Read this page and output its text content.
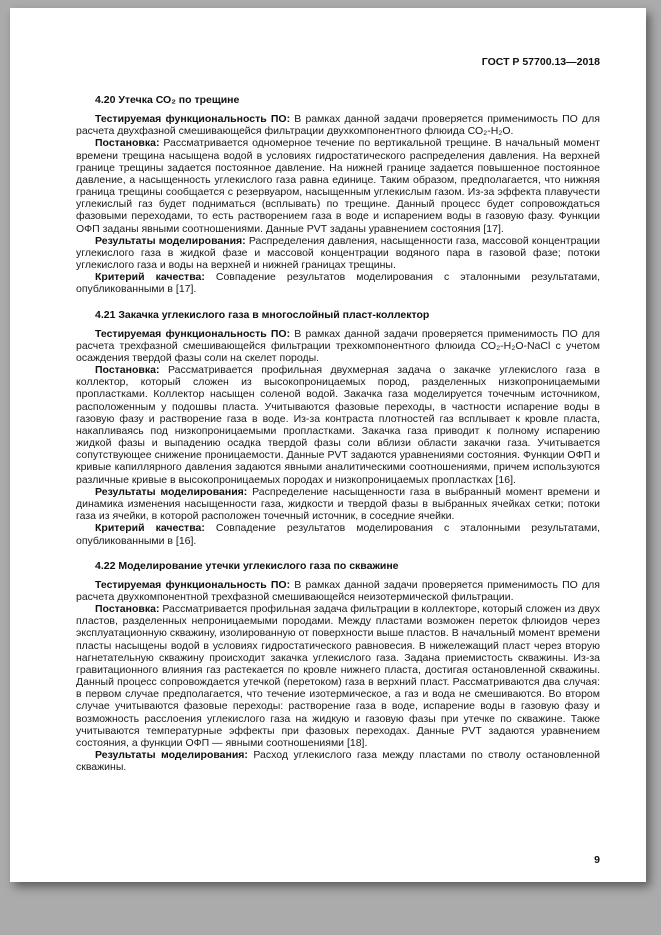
ГОСТ Р 57700.13—2018
4.20 Утечка СО₂ по трещине

Тестируемая функциональность ПО: В рамках данной задачи проверяется применимость ПО для расчета двухфазной смешивающейся фильтрации двухкомпонентного флюида СО₂-Н₂О.

Постановка: Рассматривается одномерное течение по вертикальной трещине. В начальный момент времени трещина насыщена водой в условиях гидростатического распределения давления. На верхней границе трещины задается постоянное давление. На нижней границе задается повышенное постоянное давление, а насыщенность углекислого газа равна единице. Таким образом, предполагается, что нижняя граница трещины сообщается с резервуаром, насыщенным углекислым газом. Из-за эффекта плавучести углекислый газ будет подниматься (всплывать) по трещине. Данный процесс будет сопровождаться фазовыми переходами, то есть растворением газа в воде и испарением воды в газовую фазу. Функции ОФП заданы явными соотношениями. Данные PVT заданы уравнением состояния [17].

Результаты моделирования: Распределения давления, насыщенности газа, массовой концентрации углекислого газа в жидкой фазе и массовой концентрации водяного пара в газовой фазе; потоки углекислого газа и воды на верхней и нижней границах трещины.

Критерий качества: Совпадение результатов моделирования с эталонными результатами, опубликованными в [17].

4.21 Закачка углекислого газа в многослойный пласт-коллектор

Тестируемая функциональность ПО: В рамках данной задачи проверяется применимость ПО для расчета трехфазной смешивающейся фильтрации трехкомпонентного флюида СО₂-Н₂О-NaCl с учетом осаждения твердой фазы соли на скелет породы.

Постановка: Рассматривается профильная двухмерная задача о закачке углекислого газа в коллектор, который сложен из высокопроницаемых пород, разделенных низкопроницаемыми пропластками. Коллектор насыщен соленой водой. Закачка газа моделируется точечным источником, расположенным у подошвы пласта. Учитываются фазовые переходы, в частности испарение воды в газовую фазу и растворение газа в воде. Из-за контраста плотностей газ всплывает к кровле пласта, накапливаясь под низкопроницаемыми пропластками. Закачка газа приводит к полному испарению жидкой фазы и выпадению осадка твердой фазы соли вблизи области закачки газа. Учитывается сопутствующее снижение проницаемости. Данные PVT задаются уравнениями состояния. Функции ОФП и кривые капиллярного давления задаются явными аналитическими соотношениями, причем используются различные кривые в высокопроницаемых породах и низкопроницаемых пропластках [16].

Результаты моделирования: Распределение насыщенности газа в выбранный момент времени и динамика изменения насыщенности газа, жидкости и твердой фазы в выбранных ячейках сетки; потоки газа из ячейки, в которой расположен точечный источник, в соседние ячейки.

Критерий качества: Совпадение результатов моделирования с эталонными результатами, опубликованными в [16].

4.22 Моделирование утечки углекислого газа по скважине

Тестируемая функциональность ПО: В рамках данной задачи проверяется применимость ПО для расчета двухкомпонентной трехфазной смешивающейся неизотермической фильтрации.

Постановка: Рассматривается профильная задача фильтрации в коллекторе, который сложен из двух пластов, разделенных непроницаемыми породами. Между пластами возможен переток флюидов через эксплуатационную скважину, изолированную от поверхности выше пластов. В начальный момент времени пласты насыщены водой в условиях гидростатического равновесия. В нижележащий пласт через вторую нагнетательную скважину происходит закачка углекислого газа. Задана приемистость скважины. Из-за гравитационного влияния газ растекается по кровле нижнего пласта, достигая остановленной скважины. Данный процесс сопровождается утечкой (перетоком) газа в верхний пласт. Рассматриваются два случая: в первом случае предполагается, что течение изотермическое, а газ и вода не смешиваются. Во втором случае учитываются фазовые переходы: растворение газа в воде, испарение воды в газовую фазу и возможность расслоения углекислого газа на жидкую и газовую фазы при утечке по скважине. Также учитываются температурные эффекты при фазовых переходах. Данные PVT задаются уравнением состояния, а функции ОФП — явными соотношениями [18].

Результаты моделирования: Расход углекислого газа между пластами по стволу остановленной скважины.

9
